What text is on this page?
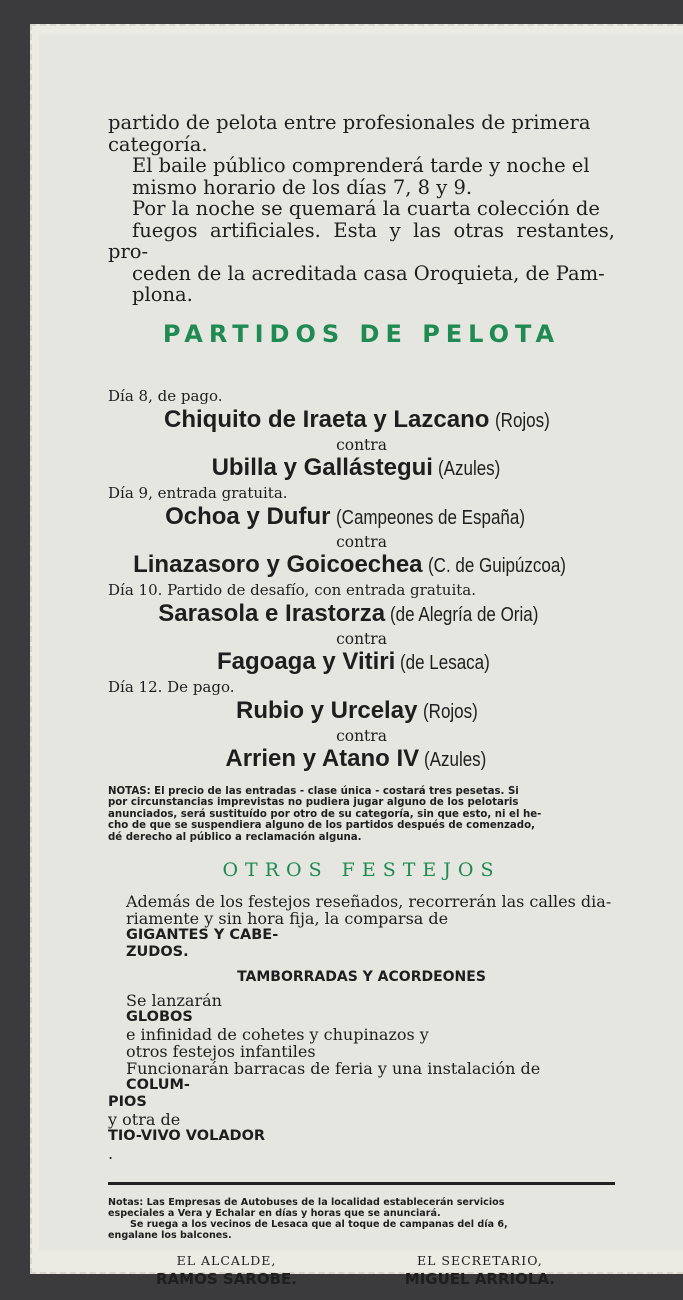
partido de pelota entre profesionales de primera
categoría.

El baile público comprenderá tarde y noche el
mismo horario de los días 7, 8 y 9.

Por la noche se quemará la cuarta colección de
fuegos artificiales. Esta y las otras restantes, pro-
ceden de la acreditada casa Oroquieta, de Pam-
plona.

PARTIDOS DE PELOTA

Día 8, de pago.

Chiquito de Iraeta y Lazcano (Rojos)

contra

Ubilla y Gallástegui (Azules)

Día 9, entrada gratuita.

Ochoa y Dufur (Campeones de España)

contra

Linazasoro y Goicoechea (C. de Guipúzcoa)

Día 10. Partido de desafío, con entrada gratuita.

Sarasola e Irastorza (de Alegría de Oria)

contra

Fagoaga y Vitiri (de Lesaca)

Día 12. De pago.

Rubio y Urcelay (Rojos)

contra

Arrien y Atano IV (Azules)

NOTAS: El precio de las entradas - clase única - costará tres pesetas. Si
por circunstancias imprevistas no pudiera jugar alguno de los pelotaris
anunciados, será sustituído por otro de su categoría, sin que esto, ni el he-
cho de que se suspendiera alguno de los partidos después de comenzado,
dé derecho al público a reclamación alguna.

OTROS FESTEJOS

Además de los festejos reseñados, recorrerán las calles dia-
riamente y sin hora fija, la comparsa de
GIGANTES Y CABE-
ZUDOS.

TAMBORRADAS Y ACORDEONES

Se lanzarán
GLOBOS
e infinidad de cohetes y chupinazos y
otros festejos infantiles

Funcionarán barracas de feria y una instalación de
COLUM-
PIOS
y otra de
TIO-VIVO VOLADOR
.

Notas: Las Empresas de Autobuses de la localidad establecerán servicios
especiales a Vera y Echalar en días y horas que se anunciará.

Se ruega a los vecinos de Lesaca que al toque de campanas del día 6,
engalane los balcones.

EL ALCALDE,
RAMOS SAROBE.
EL SECRETARIO,
MIGUEL ARRIOLA.
